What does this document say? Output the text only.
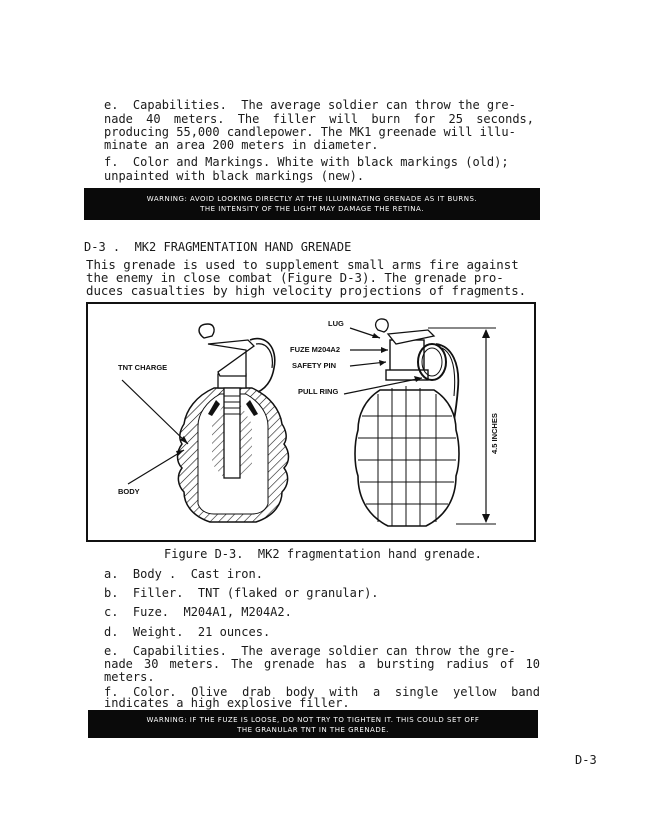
e.  Capabilities.  The average soldier can throw the gre-
nade 40 meters. The filler will burn for 25 seconds,
producing 55,000 candlepower. The MK1 greenade will illu-
minate an area 200 meters in diameter.
f.  Color and Markings. White with black markings (old);
unpainted with black markings (new).
WARNING: AVOID LOOKING DIRECTLY AT THE ILLUMINATING GRENADE AS IT BURNS.
THE INTENSITY OF THE LIGHT MAY DAMAGE THE RETINA.
D-3 .  MK2 FRAGMENTATION HAND GRENADE
This grenade is used to supplement small arms fire against
the enemy in close combat (Figure D-3). The grenade pro-
duces casualties by high velocity projections of fragments.
LUG
FUZE M204A2
SAFETY PIN
PULL RING
TNT CHARGE
BODY
4.5 INCHES
Figure D-3.  MK2 fragmentation hand grenade.
a.  Body .  Cast iron.
b.  Filler.  TNT (flaked or granular).
c.  Fuze.  M204A1, M204A2.
d.  Weight.  21 ounces.
e.  Capabilities.  The average soldier can throw the gre-
nade 30 meters. The grenade has a bursting radius of 10
meters.
f. Color. Olive drab body with a single yellow band
indicates a high explosive filler.
WARNING: IF THE FUZE IS LOOSE, DO NOT TRY TO TIGHTEN IT. THIS COULD SET OFF
THE GRANULAR TNT IN THE GRENADE.
D-3
